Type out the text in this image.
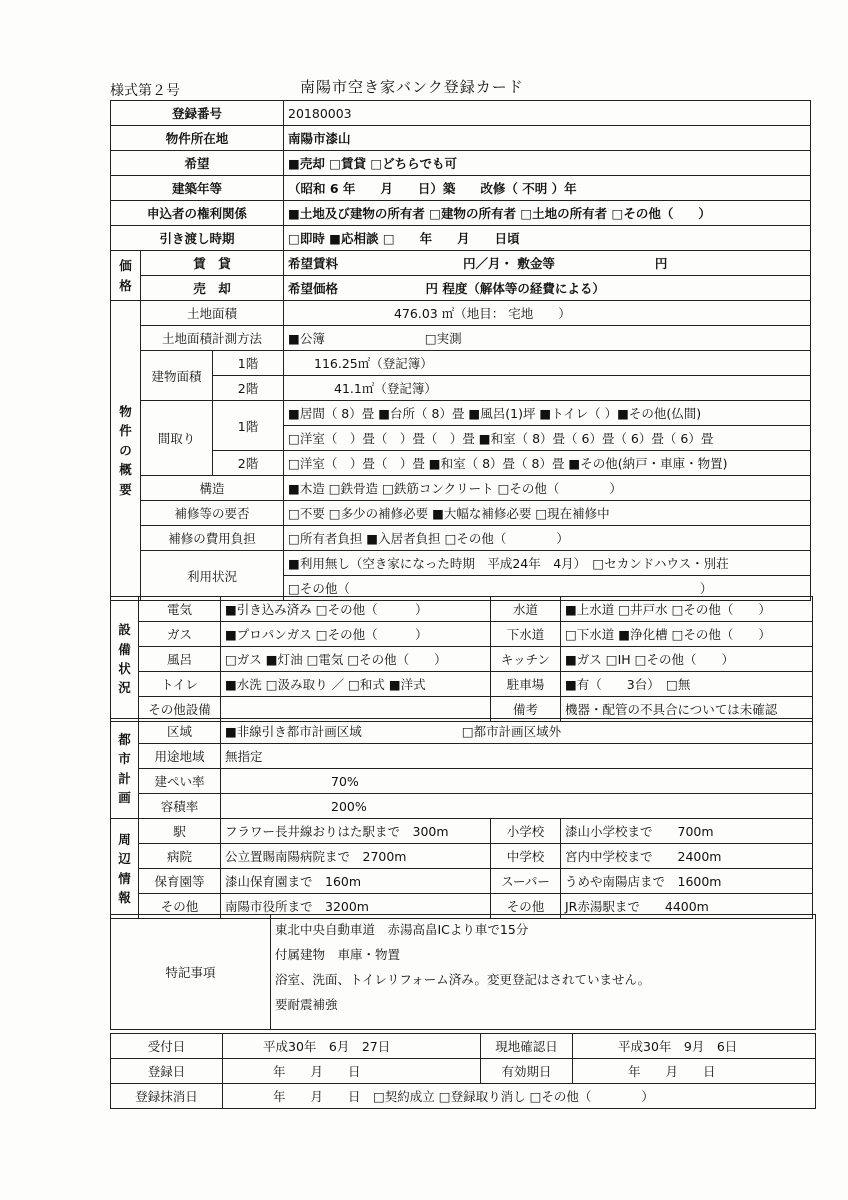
様式第２号	南陽市空き家バンク登録カード
登録番号			20180003
物件所在地			南陽市漆山
希望			■売却 □賃貸 □どちらでも可
建築年等			（昭和 6 年　　月　　日）築　　改修（ 不明 ）年
申込者の権利関係			■土地及び建物の所有者 □建物の所有者 □土地の所有者 □その他（　　）
引き渡し時期			□即時 ■応相談 □　　年　　月　　日頃

価
格	賃　貸		希望賃料　　　　　　　　　　円／月・ 敷金等　　　　　　　　円
	売　却		希望価格　　　　　　　円 程度（解体等の経費による）

物
件
の
概
要	土地面積		476.03 ㎡（地目： 宅地　　）
	土地面積計測方法		■公簿 □実測
	建物面積	1階	116.25㎡（登記簿）
		2階	41.1㎡（登記簿）
	間取り	1階	■居間（ 8）畳 ■台所（ 8）畳 ■風呂(1)坪 ■トイレ（ ）■その他(仏間)
			□洋室（　）畳（　）畳（　）畳 ■和室（ 8）畳（ 6）畳（ 6）畳（ 6）畳
		2階	□洋室（　）畳（　）畳 ■和室（ 8）畳（ 8）畳 ■その他(納戸・車庫・物置)
	構造		■木造 □鉄骨造 □鉄筋コンクリート □その他（　　　　）
	補修等の要否		□不要 □多少の補修必要 ■大幅な補修必要 □現在補修中
	補修の費用負担		□所有者負担 ■入居者負担 □その他（　　　　）
	利用状況		■利用無し（空き家になった時期　平成24年　4月）　□セカンドハウス・別荘
			□その他（　　　　　　　　　　　　　　　　　　　　　　　　　　　　）
設
備
状
況	電気	■引き込み済み □その他（　　　）	水道	■上水道 □井戸水 □その他（　　）
	ガス	■プロパンガス □その他（　　　）	下水道	□下水道 ■浄化槽 □その他（　　）
	風呂	□ガス ■灯油 □電気 □その他（　　）	キッチン	■ガス □IH □その他（　　）
	トイレ	■水洗 □汲み取り ／ □和式 ■洋式	駐車場	■有（　　3台）　□無
	その他設備		備考	機器・配管の不具合については未確認
都
市
計
画	区域	■非線引き都市計画区域 □都市計画区域外
	用途地域	無指定
	建ぺい率	70%
	容積率	200%
周
辺
情
報	駅	フラワー長井線おりはた駅まで　300m	小学校	漆山小学校まで　　700m
	病院	公立置賜南陽病院まで　2700m	中学校	宮内中学校まで　　2400m
	保育園等	漆山保育園まで　160m	スーパー	うめや南陽店まで　1600m
	その他	南陽市役所まで　3200m	その他	JR赤湯駅まで　　4400m
特記事項	
東北中央自動車道　赤湯高畠ICより車で15分
付属建物　車庫・物置
浴室、洗面、トイレリフォーム済み。変更登記はされていません。
要耐震補強
受付日	平成30年　6月　27日	現地確認日	平成30年　9月　6日
登録日	年　　月　　日	有効期日	年　　月　　日
登録抹消日	年　　月　　日　□契約成立 □登録取り消し □その他（　　　　）		
